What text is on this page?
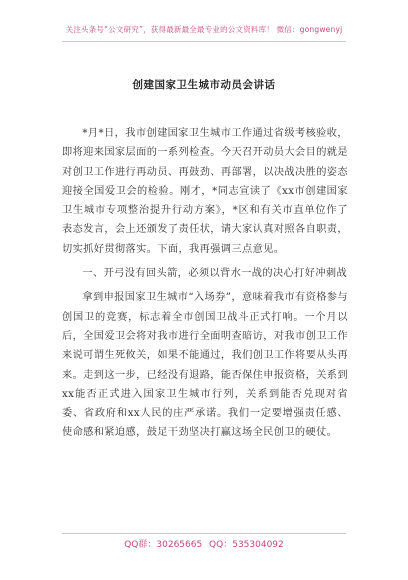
关注头条号“公文研究”，获得最新最全最专业的公文资料库！ 微信：gongwenyj
创建国家卫生城市动员会讲话

*月*日，我市创建国家卫生城市工作通过省级考核验收，即将迎来国家层面的一系列检查。今天召开动员大会目的就是对创卫工作进行再动员、再鼓劲、再部署，以决战决胜的姿态迎接全国爱卫会的检验。刚才，*同志宣读了《xx市创建国家卫生城市专项整治提升行动方案》，*区和有关市直单位作了表态发言，会上还颁发了责任状，请大家认真对照各自职责，切实抓好贯彻落实。下面，我再强调三点意见。

一、开弓没有回头箭，必须以背水一战的决心打好冲刺战

拿到申报国家卫生城市“入场券”，意味着我市有资格参与创国卫的竞赛，标志着全市创国卫战斗正式打响。一个月以后，全国爱卫会将对我市进行全面明查暗访，对我市创卫工作来说可谓生死攸关，如果不能通过，我们创卫工作将要从头再来。走到这一步，已经没有退路，能否保住申报资格，关系到xx能否正式进入国家卫生城市行列，关系到能否兑现对省委、省政府和xx人民的庄严承诺。我们一定要增强责任感、使命感和紧迫感，鼓足干劲坚决打赢这场全民创卫的硬仗。

QQ群：30265665 QQ：535304092
